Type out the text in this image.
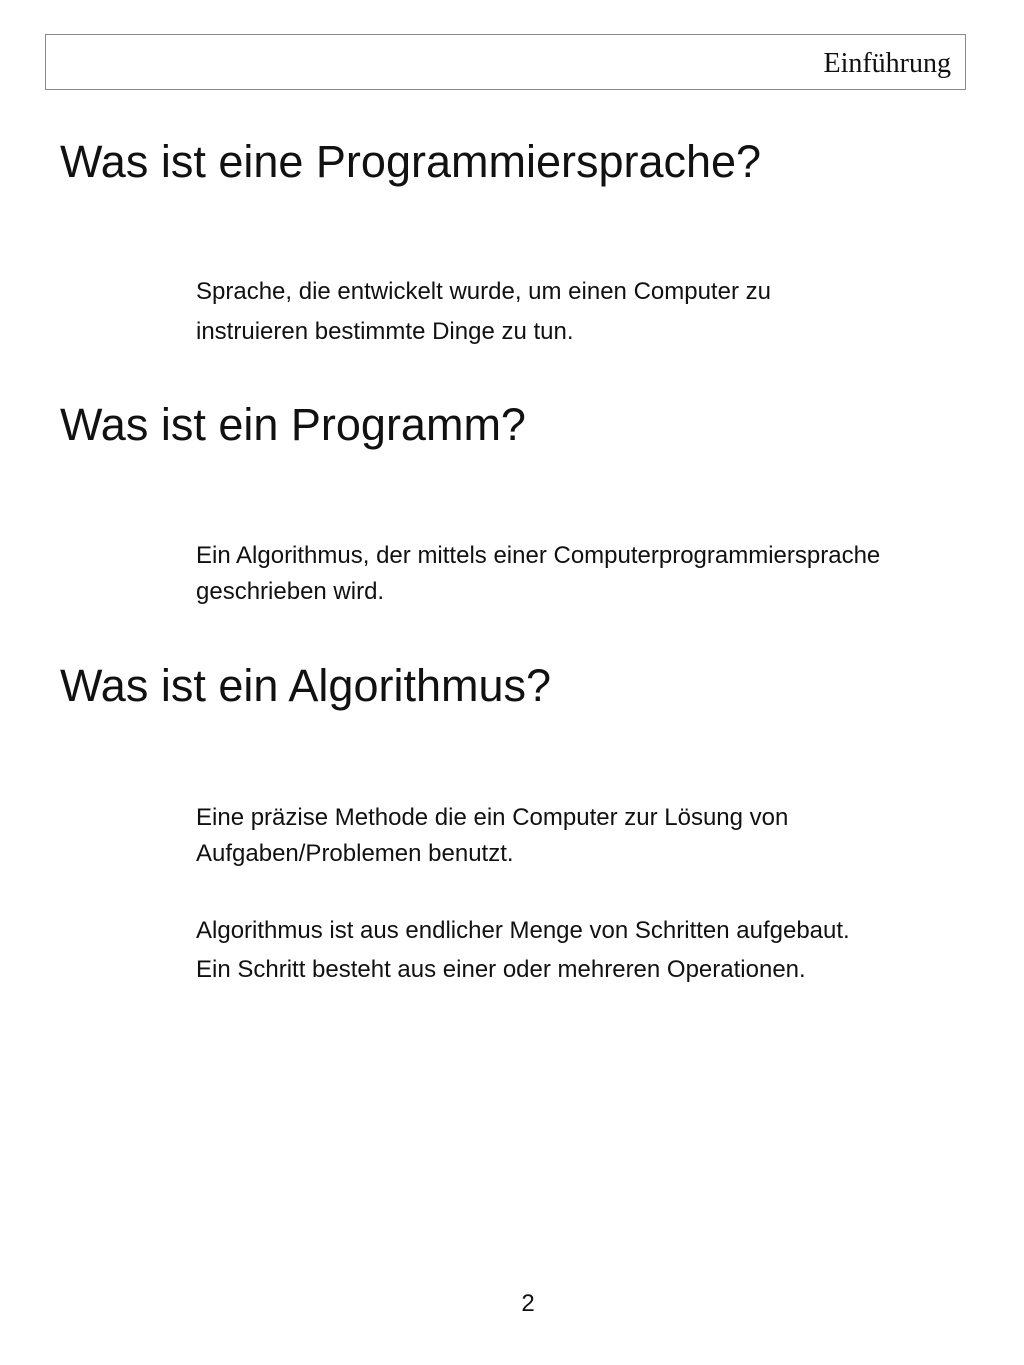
Einführung
Was ist eine Programmiersprache?

Sprache, die entwickelt wurde, um einen Computer zu
instruieren bestimmte Dinge zu tun.

Was ist ein Programm?

Ein Algorithmus, der mittels einer Computerprogrammiersprache
geschrieben wird.

Was ist ein Algorithmus?

Eine präzise Methode die ein Computer zur Lösung von
Aufgaben/Problemen benutzt.

Algorithmus ist aus endlicher Menge von Schritten aufgebaut.
Ein Schritt besteht aus einer oder mehreren Operationen.

2
